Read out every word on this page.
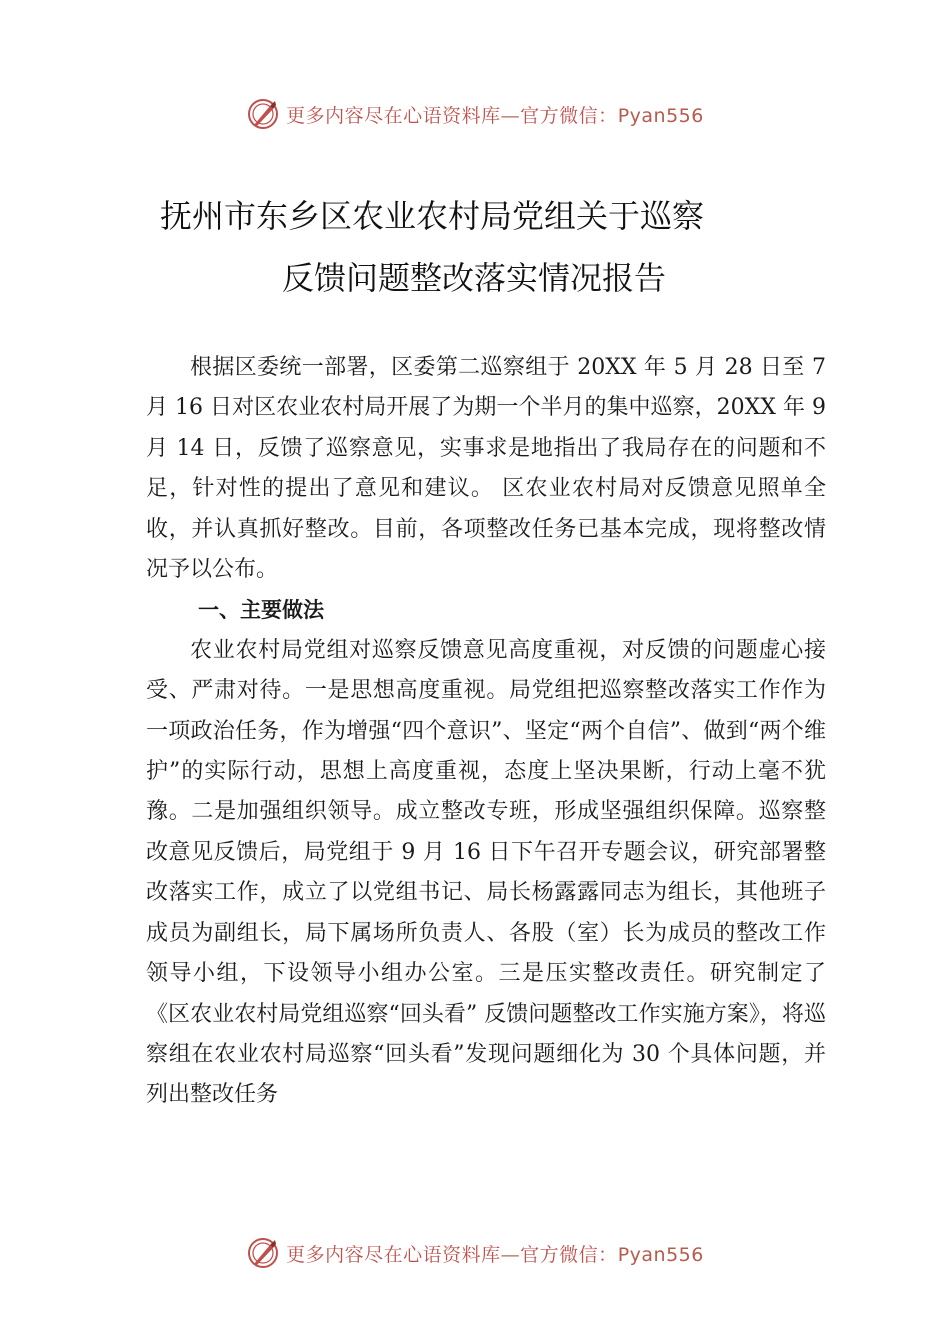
更多内容尽在心语资料库—官方微信：Pyan556
抚州市东乡区农业农村局党组关于巡察
反馈问题整改落实情况报告

根据区委统一部署，区委第二巡察组于 20XX 年 5 月 28 日至 7 月 16 日对区农业农村局开展了为期一个半月的集中巡察，20XX 年 9 月 14 日，反馈了巡察意见，实事求是地指出了我局存在的问题和不足，针对性的提出了意见和建议。 区农业农村局对反馈意见照单全收，并认真抓好整改。目前，各项整改任务已基本完成，现将整改情况予以公布。

一、主要做法

农业农村局党组对巡察反馈意见高度重视，对反馈的问题虚心接受、严肃对待。一是思想高度重视。局党组把巡察整改落实工作作为一项政治任务，作为增强“四个意识”、坚定“两个自信”、做到“两个维护”的实际行动，思想上高度重视，态度上坚决果断，行动上毫不犹豫。二是加强组织领导。成立整改专班，形成坚强组织保障。巡察整改意见反馈后，局党组于 9 月 16 日下午召开专题会议，研究部署整改落实工作，成立了以党组书记、局长杨露露同志为组长，其他班子成员为副组长，局下属场所负责人、各股（室）长为成员的整改工作领导小组，下设领导小组办公室。三是压实整改责任。研究制定了《区农业农村局党组巡察“回头看” 反馈问题整改工作实施方案》，将巡察组在农业农村局巡察“回头看”发现问题细化为 30 个具体问题，并列出整改任务

更多内容尽在心语资料库—官方微信：Pyan556
